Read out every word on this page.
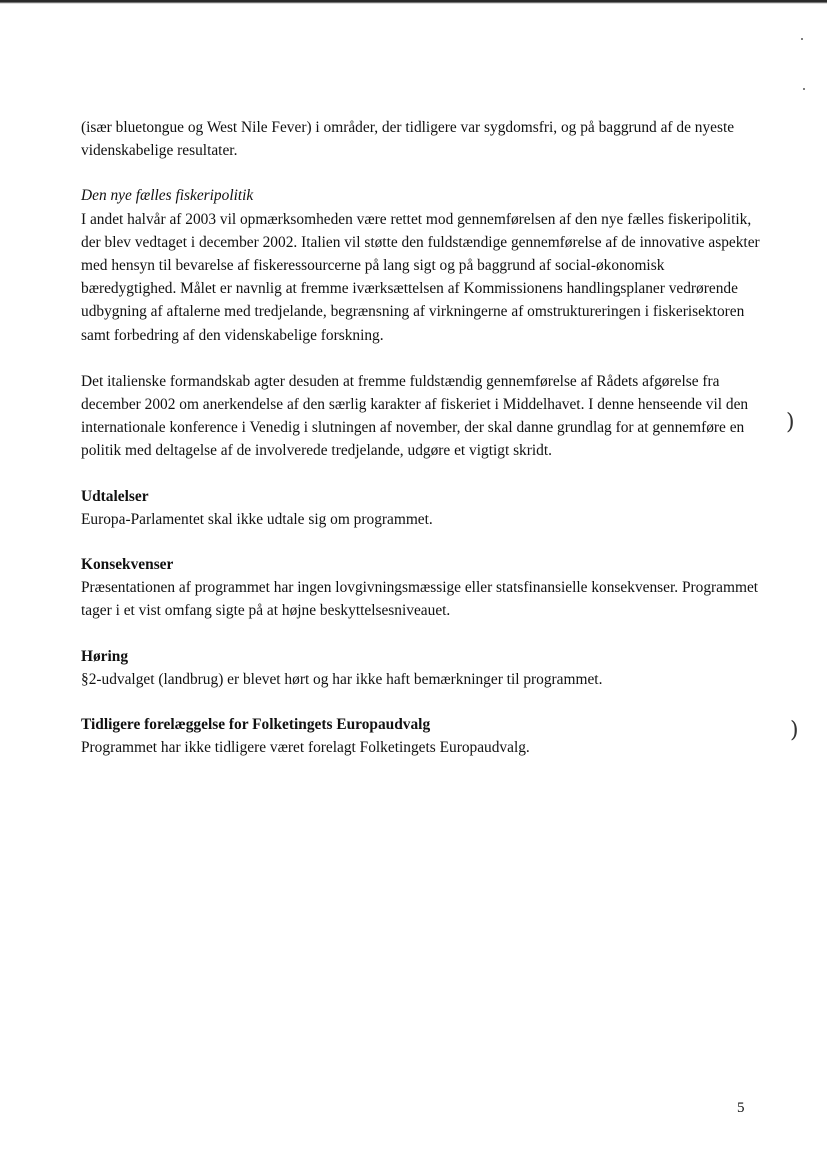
)
)

(især bluetongue og West Nile Fever) i områder, der tidligere var sygdomsfri, og på baggrund af de nyeste videnskabelige resultater.

Den nye fælles fiskeripolitik

I andet halvår af 2003 vil opmærksomheden være rettet mod gennemførelsen af den nye fælles fiskeripolitik, der blev vedtaget i december 2002. Italien vil støtte den fuldstændige gennemførelse af de innovative aspekter med hensyn til bevarelse af fiskeressourcerne på lang sigt og på baggrund af social-økonomisk bæredygtighed. Målet er navnlig at fremme iværksættelsen af Kommissionens handlingsplaner vedrørende udbygning af aftalerne med tredjelande, begrænsning af virkningerne af omstruktureringen i fiskerisektoren samt forbedring af den videnskabelige forskning.

Det italienske formandskab agter desuden at fremme fuldstændig gennemførelse af Rådets afgørelse fra december 2002 om anerkendelse af den særlig karakter af fiskeriet i Middelhavet. I denne henseende vil den internationale konference i Venedig i slutningen af november, der skal danne grundlag for at gennemføre en politik med deltagelse af de involverede tredjelande, udgøre et vigtigt skridt.

Udtalelser

Europa-Parlamentet skal ikke udtale sig om programmet.

Konsekvenser

Præsentationen af programmet har ingen lovgivningsmæssige eller statsfinansielle konsekvenser. Programmet tager i et vist omfang sigte på at højne beskyttelsesniveauet.

Høring

§2-udvalget (landbrug) er blevet hørt og har ikke haft bemærkninger til programmet.

Tidligere forelæggelse for Folketingets Europaudvalg

Programmet har ikke tidligere været forelagt Folketingets Europaudvalg.

5
